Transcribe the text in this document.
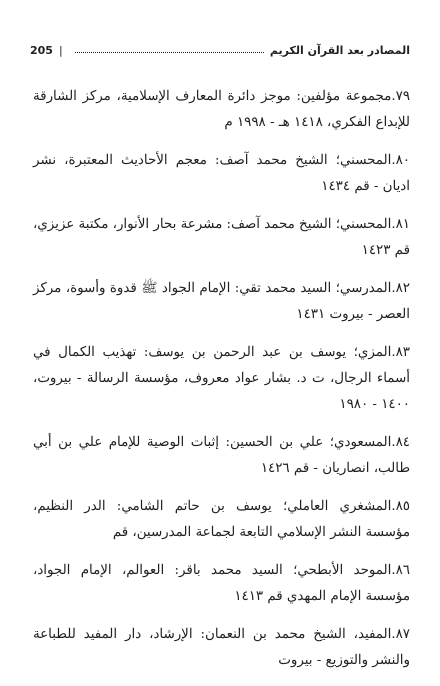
المصادر بعد القرآن الكريم
|
205

٧٩.مجموعة مؤلفين: موجز دائرة المعارف الإسلامية، مركز الشارقة للإبداع الفكري، ١٤١٨ هـ - ١٩٩٨ م

٨٠.المحسني؛ الشيخ محمد آصف: معجم الأحاديث المعتبرة، نشر اديان - قم ١٤٣٤

٨١.المحسني؛ الشيخ محمد آصف: مشرعة بحار الأنوار، مكتبة عزيزي، قم ١٤٢٣

٨٢.المدرسي؛ السيد محمد تقي: الإمام الجواد ﷺ قدوة وأسوة، مركز العصر - بيروت ١٤٣١

٨٣.المزي؛ يوسف بن عبد الرحمن بن يوسف: تهذيب الكمال في أسماء الرجال، ت د. بشار عواد معروف، مؤسسة الرسالة - بيروت، ١٤٠٠ - ١٩٨٠

٨٤.المسعودي؛ علي بن الحسين: إثبات الوصية للإمام علي بن أبي طالب، انصاريان - قم ١٤٢٦

٨٥.المشغري العاملي؛ يوسف بن حاتم الشامي: الدر النظيم، مؤسسة النشر الإسلامي التابعة لجماعة المدرسين، قم

٨٦.الموحد الأبطحي؛ السيد محمد باقر: العوالم، الإمام الجواد، مؤسسة الإمام المهدي قم ١٤١٣

٨٧.المفيد، الشيخ محمد بن النعمان: الإرشاد، دار المفيد للطباعة والنشر والتوزيع - بيروت
